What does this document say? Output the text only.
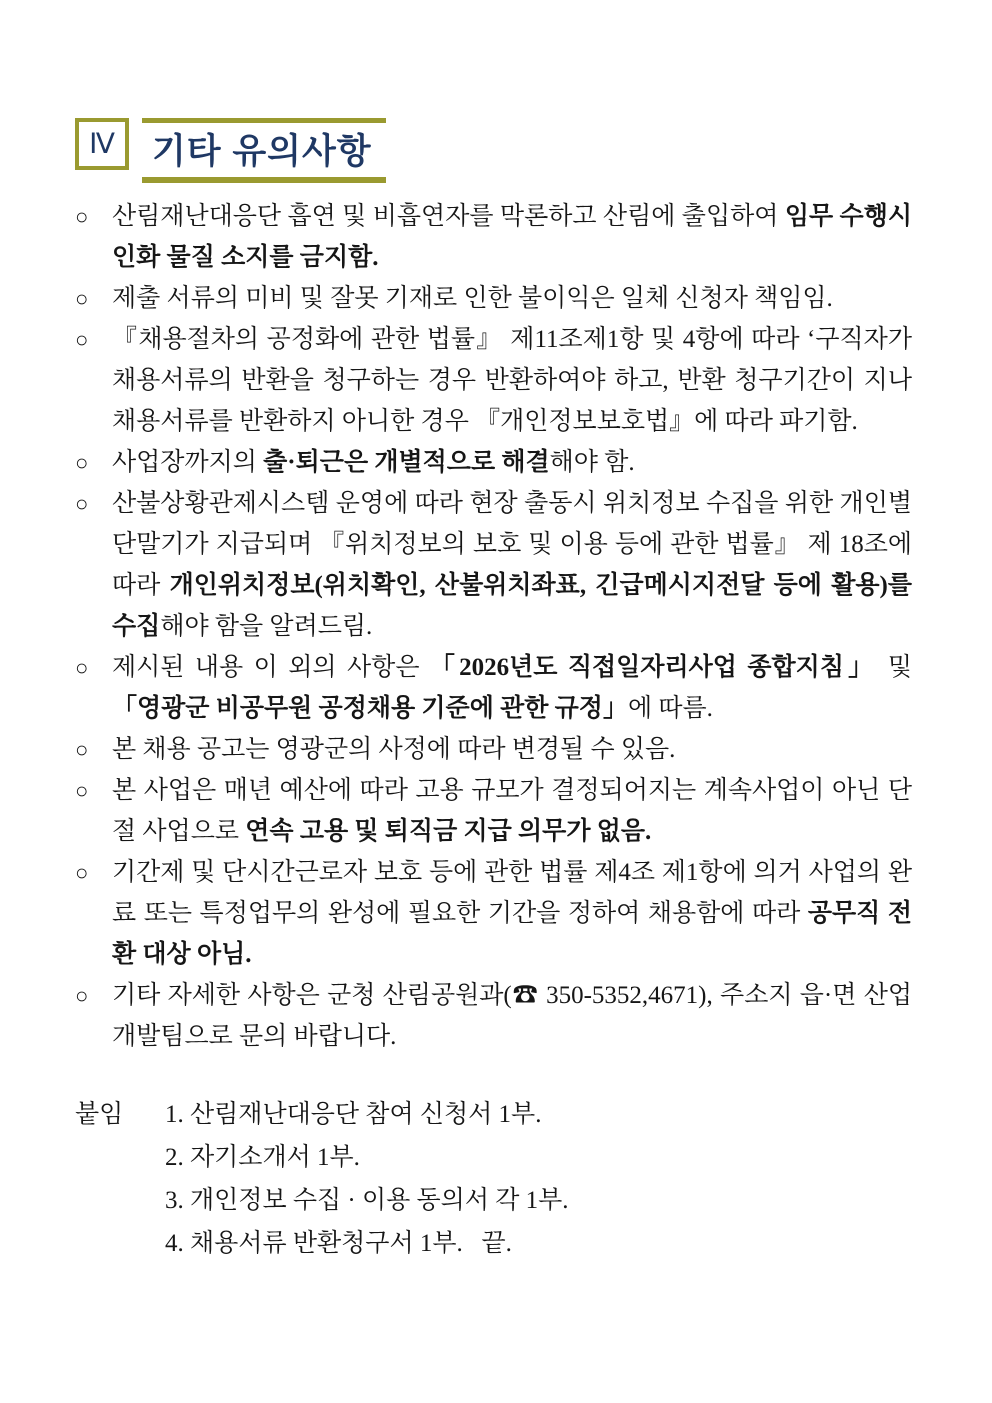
Ⅳ	기타 유의사항
○ 산림재난대응단 흡연 및 비흡연자를 막론하고 산림에 출입하여 임무 수행시 인화 물질 소지를 금지함.
○ 제출 서류의 미비 및 잘못 기재로 인한 불이익은 일체 신청자 책임임.
○ 『채용절차의 공정화에 관한 법률』 제11조제1항 및 4항에 따라 ‘구직자가 채용서류의 반환을 청구하는 경우 반환하여야 하고, 반환 청구기간이 지나 채용서류를 반환하지 아니한 경우 『개인정보보호법』에 따라 파기함.
○ 사업장까지의 출·퇴근은 개별적으로 해결해야 함.
○ 산불상황관제시스템 운영에 따라 현장 출동시 위치정보 수집을 위한 개인별 단말기가 지급되며 『위치정보의 보호 및 이용 등에 관한 법률』 제 18조에 따라 개인위치정보(위치확인, 산불위치좌표, 긴급메시지전달 등에 활용)를 수집해야 함을 알려드림.
○ 제시된 내용 이 외의 사항은 「2026년도 직접일자리사업 종합지침」 및 「영광군 비공무원 공정채용 기준에 관한 규정」에 따름.
○ 본 채용 공고는 영광군의 사정에 따라 변경될 수 있음.
○ 본 사업은 매년 예산에 따라 고용 규모가 결정되어지는 계속사업이 아닌 단절 사업으로 연속 고용 및 퇴직금 지급 의무가 없음.
○ 기간제 및 단시간근로자 보호 등에 관한 법률 제4조 제1항에 의거 사업의 완료 또는 특정업무의 완성에 필요한 기간을 정하여 채용함에 따라 공무직 전환 대상 아님.
○ 기타 자세한 사항은 군청 산림공원과(☎ 350-5352,4671), 주소지 읍·면 산업개발팀으로 문의 바랍니다.
붙임	1. 산림재난대응단 참여 신청서 1부.
2. 자기소개서 1부.
3. 개인정보 수집 · 이용 동의서 각 1부.
4. 채용서류 반환청구서 1부.   끝.
